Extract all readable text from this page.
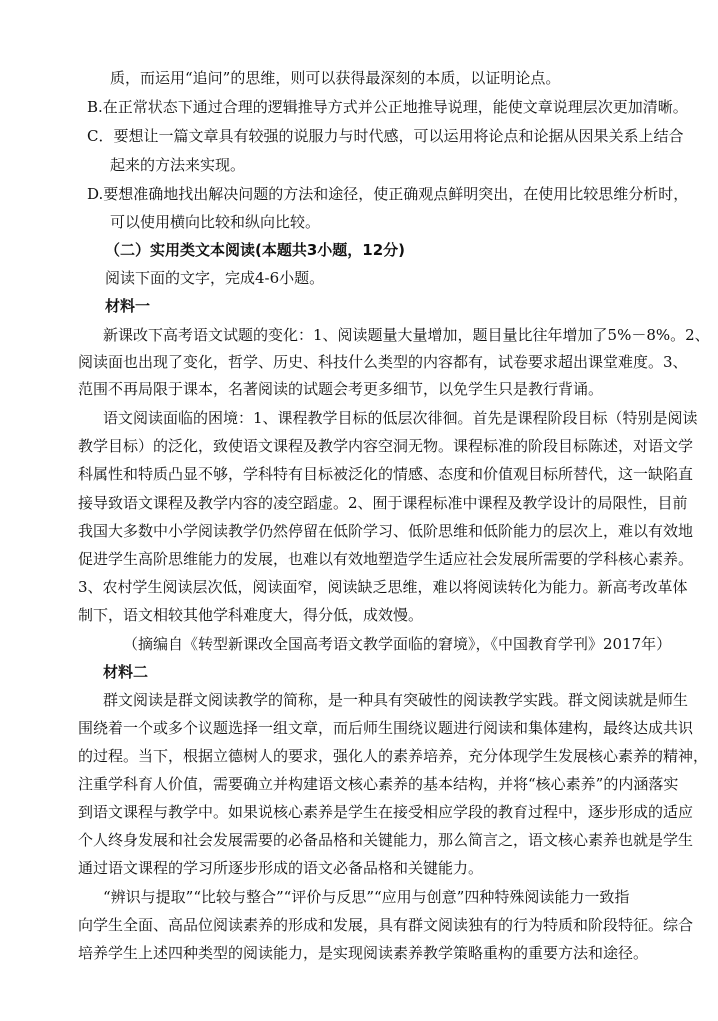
质，而运用“追问”的思维，则可以获得最深刻的本质，以证明论点。
B.在正常状态下通过合理的逻辑推导方式并公正地推导说理，能使文章说理层次更加清晰。
C．要想让一篇文章具有较强的说服力与时代感，可以运用将论点和论据从因果关系上结合
起来的方法来实现。
D.要想准确地找出解决问题的方法和途径，使正确观点鲜明突出，在使用比较思维分析时，
可以使用横向比较和纵向比较。
（二）实用类文本阅读(本题共3小题，12分)
阅读下面的文字，完成4-6小题。
材料一
新课改下高考语文试题的变化：1、阅读题量大量增加，题目量比往年增加了5%－8%。2、
阅读面也出现了变化，哲学、历史、科技什么类型的内容都有，试卷要求超出课堂难度。3、
范围不再局限于课本，名著阅读的试题会考更多细节，以免学生只是教行背诵。
语文阅读面临的困境：1、课程教学目标的低层次徘徊。首先是课程阶段目标（特别是阅读
教学目标）的泛化，致使语文课程及教学内容空洞无物。课程标准的阶段目标陈述，对语文学
科属性和特质凸显不够，学科特有目标被泛化的情感、态度和价值观目标所替代，这一缺陷直
接导致语文课程及教学内容的凌空蹈虚。2、囿于课程标准中课程及教学设计的局限性，目前
我国大多数中小学阅读教学仍然停留在低阶学习、低阶思维和低阶能力的层次上，难以有效地
促进学生高阶思维能力的发展，也难以有效地塑造学生适应社会发展所需要的学科核心素养。
3、农村学生阅读层次低，阅读面窄，阅读缺乏思维，难以将阅读转化为能力。新高考改革体
制下，语文相较其他学科难度大，得分低，成效慢。
（摘编自《转型新课改全国高考语文教学面临的窘境》，《中国教育学刊》2017年）
材料二
群文阅读是群文阅读教学的简称，是一种具有突破性的阅读教学实践。群文阅读就是师生
围绕着一个或多个议题选择一组文章，而后师生围绕议题进行阅读和集体建构，最终达成共识
的过程。当下，根据立德树人的要求，强化人的素养培养，充分体现学生发展核心素养的精神，
注重学科育人价值，需要确立并构建语文核心素养的基本结构，并将“核心素养”的内涵落实
到语文课程与教学中。如果说核心素养是学生在接受相应学段的教育过程中，逐步形成的适应
个人终身发展和社会发展需要的必备品格和关键能力，那么简言之，语文核心素养也就是学生
通过语文课程的学习所逐步形成的语文必备品格和关键能力。
“辨识与提取”“比较与整合”“评价与反思”“应用与创意”四种特殊阅读能力一致指
向学生全面、高品位阅读素养的形成和发展，具有群文阅读独有的行为特质和阶段特征。综合
培养学生上述四种类型的阅读能力，是实现阅读素养教学策略重构的重要方法和途径。
